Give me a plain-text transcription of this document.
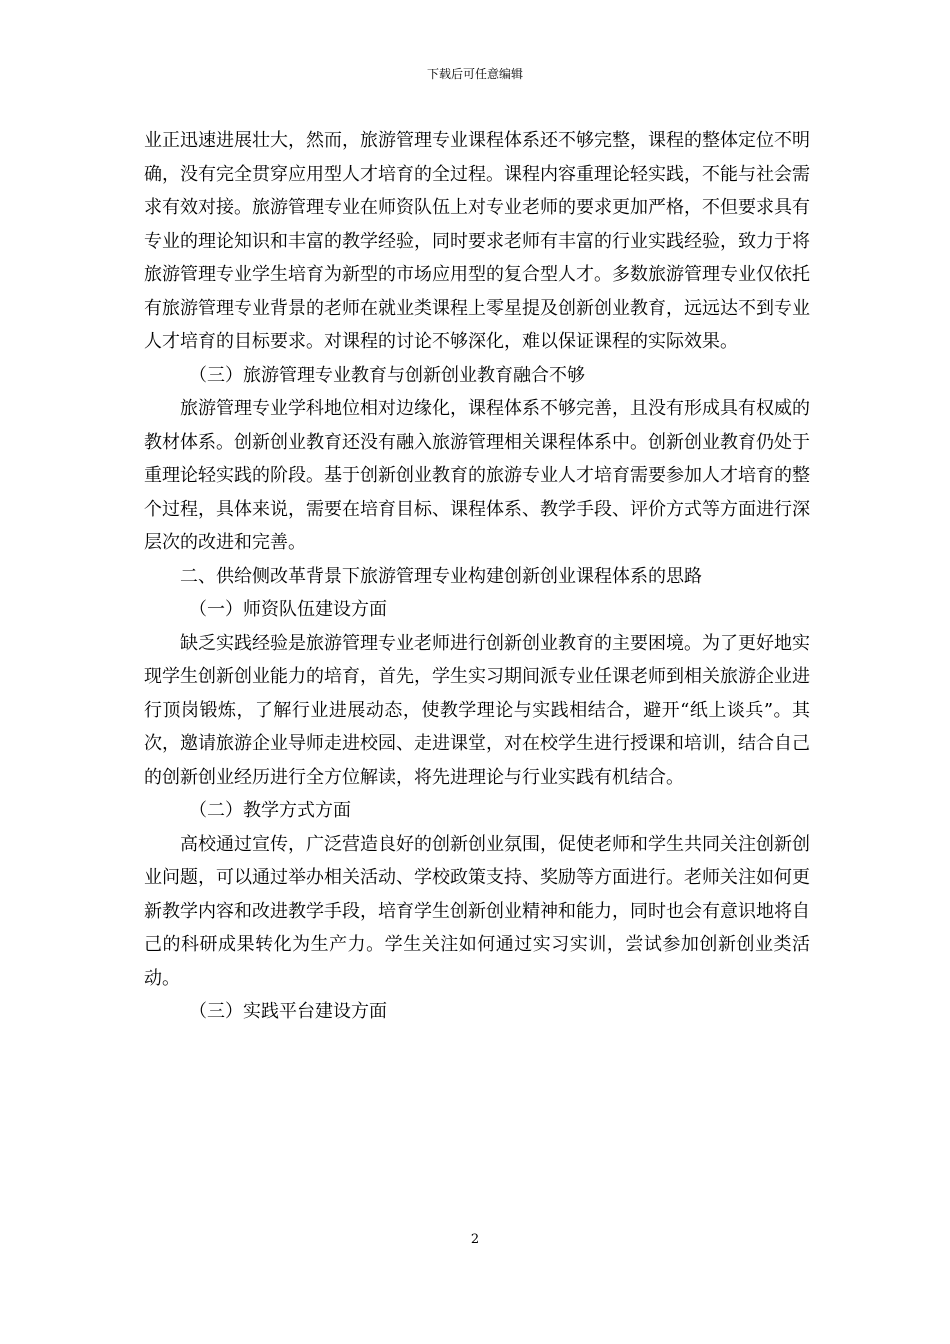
下载后可任意编辑

业正迅速进展壮大，然而，旅游管理专业课程体系还不够完整，课程的整体定位不明确，没有完全贯穿应用型人才培育的全过程。课程内容重理论轻实践，不能与社会需求有效对接。旅游管理专业在师资队伍上对专业老师的要求更加严格，不但要求具有专业的理论知识和丰富的教学经验，同时要求老师有丰富的行业实践经验，致力于将旅游管理专业学生培育为新型的市场应用型的复合型人才。多数旅游管理专业仅依托有旅游管理专业背景的老师在就业类课程上零星提及创新创业教育，远远达不到专业人才培育的目标要求。对课程的讨论不够深化，难以保证课程的实际效果。

（三）旅游管理专业教育与创新创业教育融合不够

旅游管理专业学科地位相对边缘化，课程体系不够完善，且没有形成具有权威的教材体系。创新创业教育还没有融入旅游管理相关课程体系中。创新创业教育仍处于重理论轻实践的阶段。基于创新创业教育的旅游专业人才培育需要参加人才培育的整个过程，具体来说，需要在培育目标、课程体系、教学手段、评价方式等方面进行深层次的改进和完善。

二、供给侧改革背景下旅游管理专业构建创新创业课程体系的思路

（一）师资队伍建设方面

缺乏实践经验是旅游管理专业老师进行创新创业教育的主要困境。为了更好地实现学生创新创业能力的培育，首先，学生实习期间派专业任课老师到相关旅游企业进行顶岗锻炼，了解行业进展动态，使教学理论与实践相结合，避开“纸上谈兵”。其次，邀请旅游企业导师走进校园、走进课堂，对在校学生进行授课和培训，结合自己的创新创业经历进行全方位解读，将先进理论与行业实践有机结合。

（二）教学方式方面

高校通过宣传，广泛营造良好的创新创业氛围，促使老师和学生共同关注创新创业问题，可以通过举办相关活动、学校政策支持、奖励等方面进行。老师关注如何更新教学内容和改进教学手段，培育学生创新创业精神和能力，同时也会有意识地将自己的科研成果转化为生产力。学生关注如何通过实习实训，尝试参加创新创业类活动。

（三）实践平台建设方面

2
